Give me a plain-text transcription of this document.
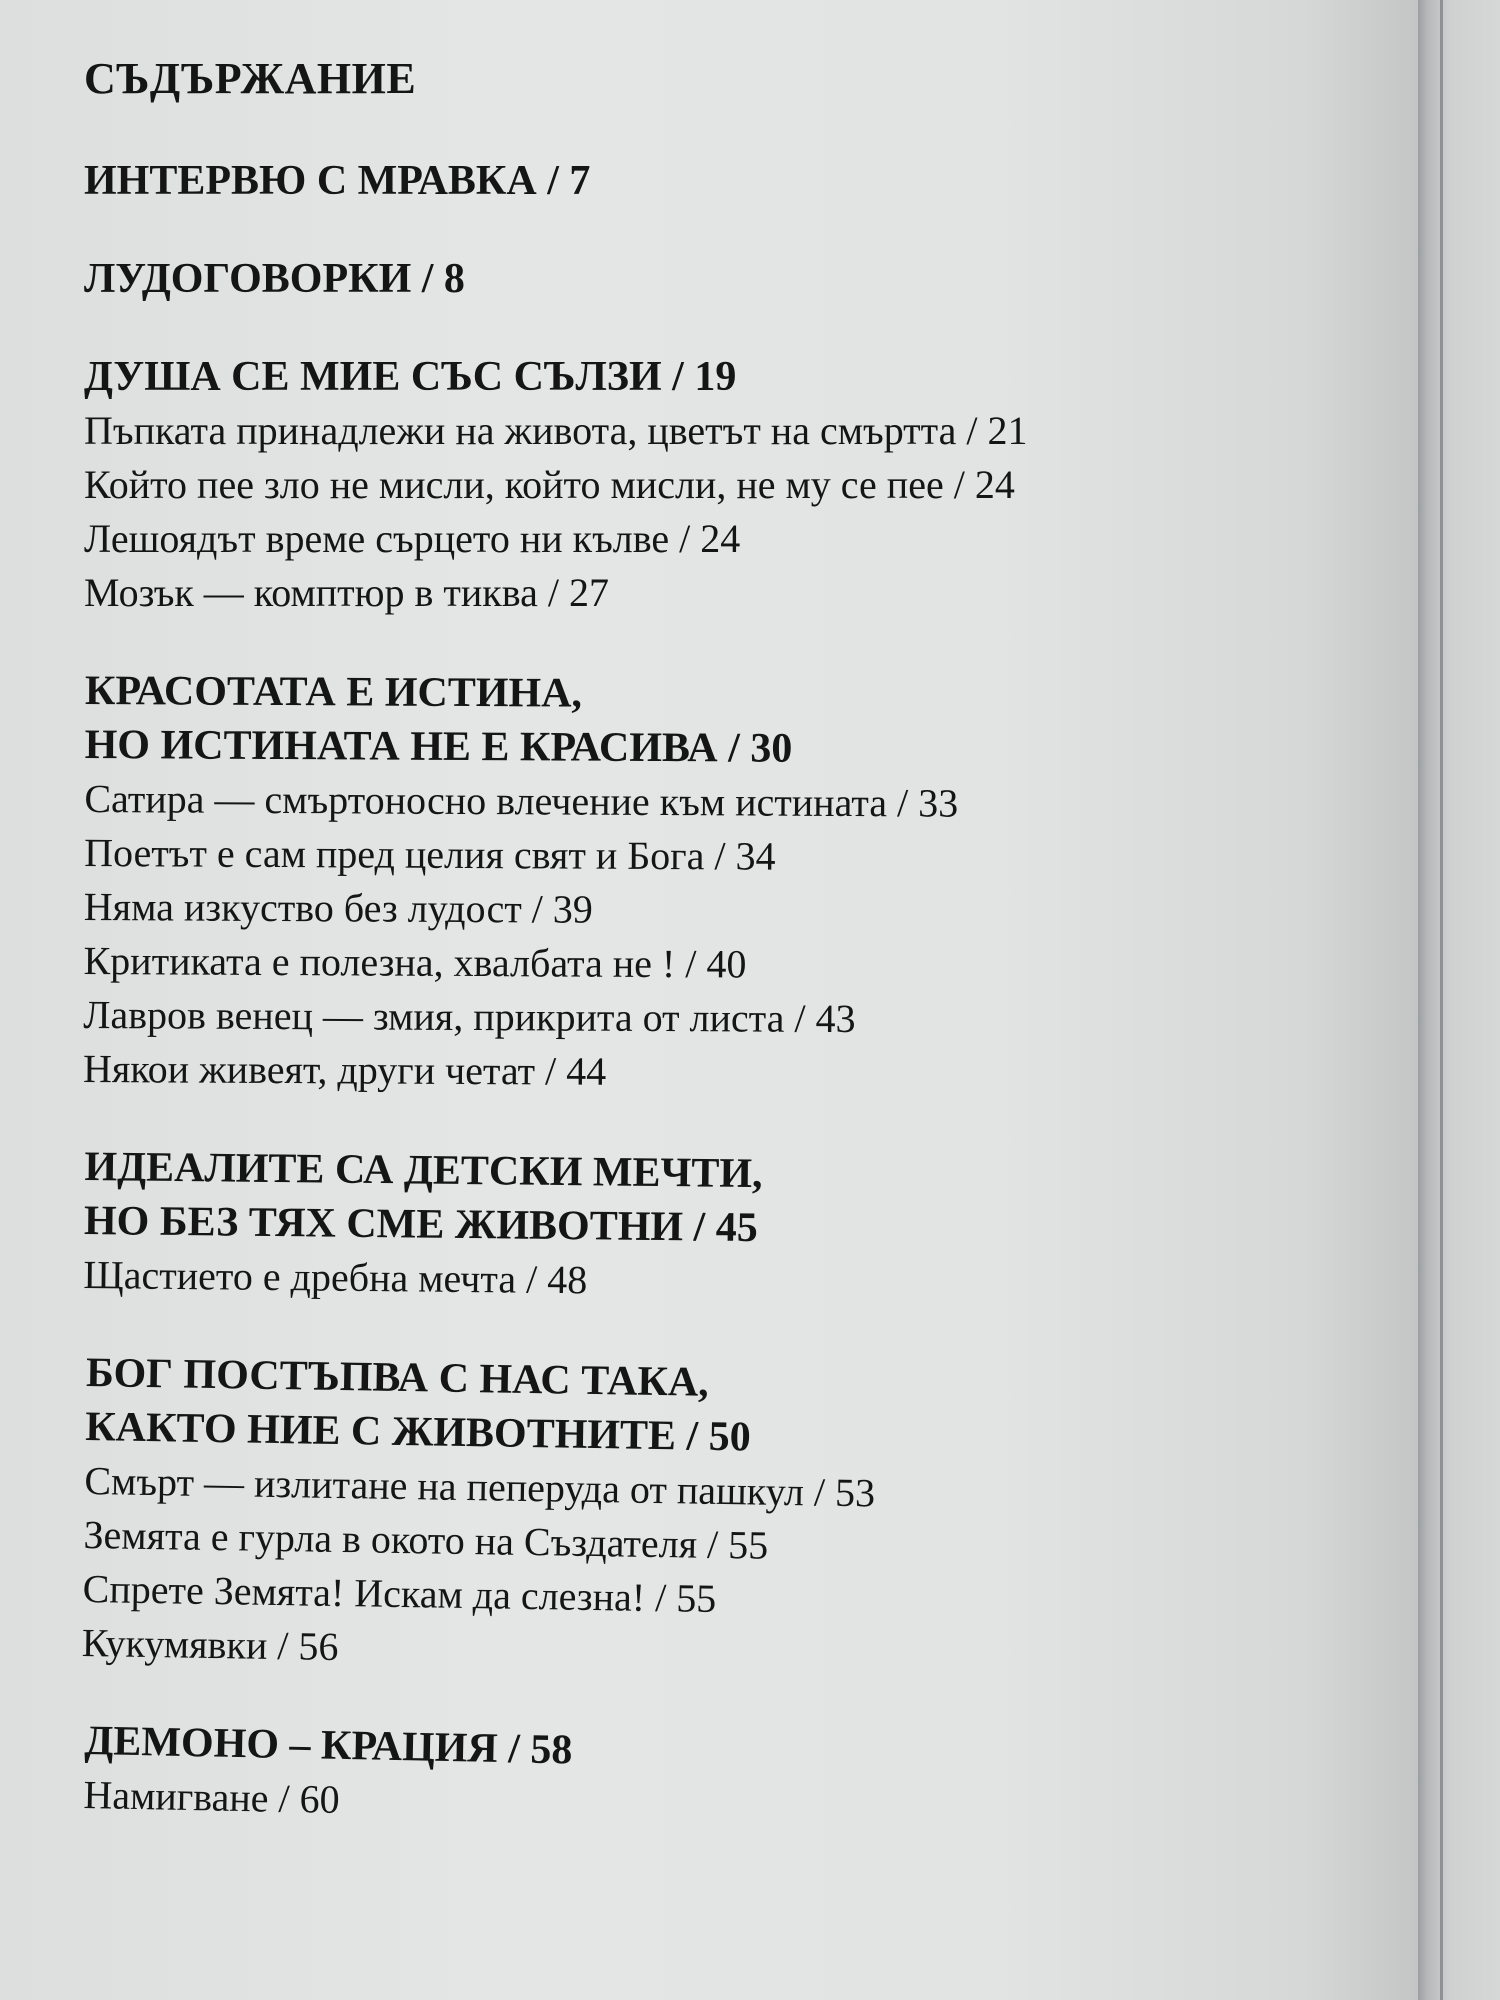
СЪДЪРЖАНИЕ
ИНТЕРВЮ С МРАВКА / 7
ЛУДОГОВОРКИ / 8
ДУША СЕ МИЕ СЪС СЪЛЗИ / 19
Пъпката принадлежи на живота, цветът на смъртта / 21
Който пее зло не мисли, който мисли, не му се пее / 24
Лешоядът време сърцето ни кълве / 24
Мозък — комптюр в тиква / 27
КРАСОТАТА Е ИСТИНА,
НО ИСТИНАТА НЕ Е КРАСИВА / 30
Сатира — смъртоносно влечение към истината / 33
Поетът е сам пред целия свят и Бога / 34
Няма изкуство без лудост / 39
Критиката е полезна, хвалбата не ! / 40
Лавров венец — змия, прикрита от листа / 43
Някои живеят, други четат / 44
ИДЕАЛИТЕ СА ДЕТСКИ МЕЧТИ,
НО БЕЗ ТЯХ СМЕ ЖИВОТНИ / 45
Щастието е дребна мечта / 48
БОГ ПОСТЪПВА С НАС ТАКА,
КАКТО НИЕ С ЖИВОТНИТЕ / 50
Смърт — излитане на пеперуда от пашкул / 53
Земята е гурла в окото на Създателя / 55
Спрете Земята! Искам да слезна! / 55
Кукумявки / 56
ДЕМОНО – КРАЦИЯ / 58
Намигване / 60
